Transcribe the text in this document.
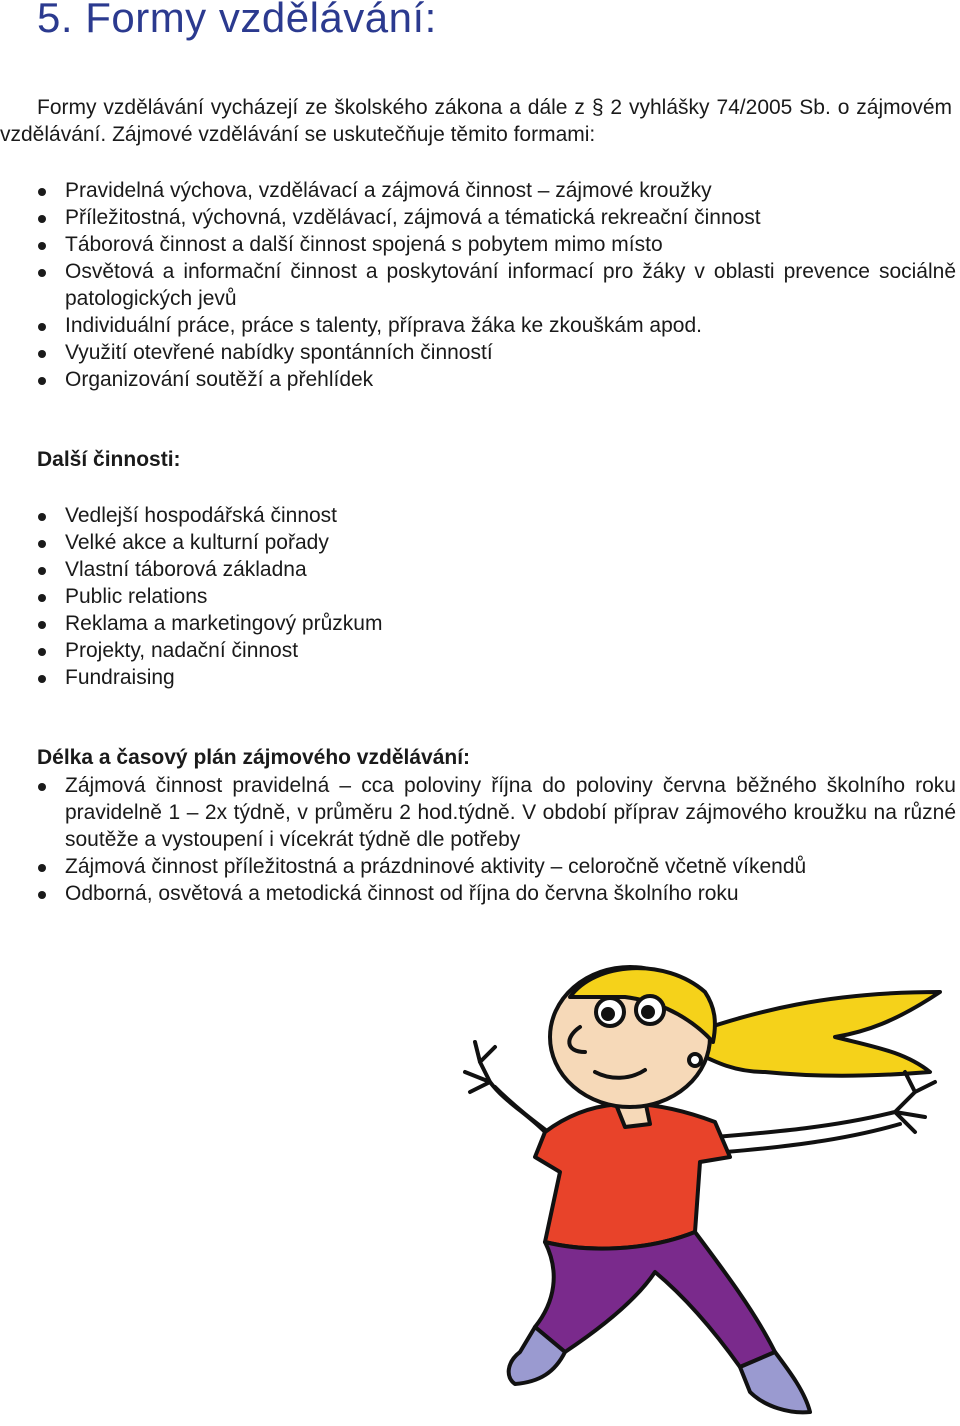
5. Formy vzdělávání:

Formy vzdělávání vycházejí ze školského zákona a dále z § 2 vyhlášky 74/2005 Sb. o zájmovém vzdělávání. Zájmové vzdělávání se uskutečňuje těmito formami:

Pravidelná výchova, vzdělávací a zájmová činnost – zájmové kroužky
Příležitostná, výchovná, vzdělávací, zájmová a tématická rekreační činnost
Táborová činnost a další činnost spojená s pobytem mimo místo
Osvětová a informační činnost a poskytování informací pro žáky v oblasti prevence sociálně patologických jevů
Individuální práce, práce s talenty, příprava žáka ke zkouškám apod.
Využití otevřené nabídky spontánních činností
Organizování soutěží a přehlídek
Další činnosti:
Vedlejší hospodářská činnost
Velké akce a kulturní pořady
Vlastní táborová základna
Public relations
Reklama a marketingový průzkum
Projekty, nadační činnost
Fundraising
Délka a časový plán zájmového vzdělávání:
Zájmová činnost pravidelná – cca poloviny října do poloviny června běžného školního roku pravidelně 1 – 2x týdně, v průměru 2 hod.týdně. V období příprav zájmového kroužku na různé soutěže a vystoupení i vícekrát týdně dle potřeby
Zájmová činnost příležitostná a prázdninové aktivity – celoročně včetně víkendů
Odborná, osvětová a metodická činnost od října do června školního roku
